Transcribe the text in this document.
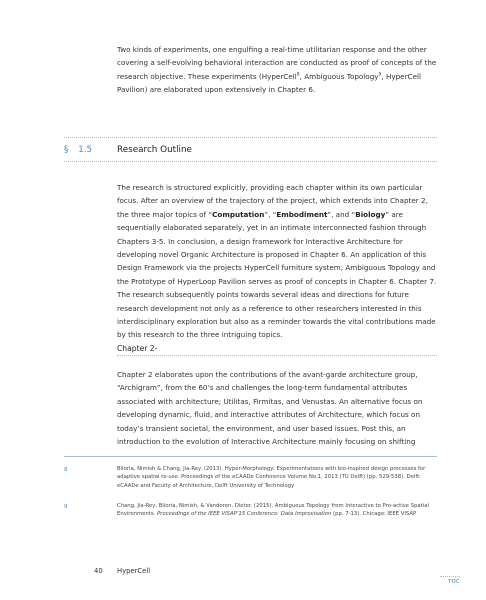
Two kinds of experiments, one engulfing a real-time utilitarian response and the other covering a self-evolving behavioral interaction are conducted as proof of concepts of the research objective. These experiments (HyperCell$^8$, Ambiguous Topology$^9$, HyperCell Pavilion) are elaborated upon extensively in Chapter 6.
§ 1.5	Research Outline
The research is structured explicitly, providing each chapter within its own particular focus. After an overview of the trajectory of the project, which extends into Chapter 2, the three major topics of “Computation”, “Embodiment”, and “Biology” are sequentially elaborated separately, yet in an intimate interconnected fashion through Chapters 3-5. In conclusion, a design framework for Interactive Architecture for developing novel Organic Architecture is proposed in Chapter 6. An application of this Design Framework via the projects HyperCell furniture system, Ambiguous Topology and the Prototype of HyperLoop Pavilion serves as proof of concepts in Chapter 6. Chapter 7. The research subsequently points towards several ideas and directions for future research development not only as a reference to other researchers interested in this interdisciplinary exploration but also as a reminder towards the vital contributions made by this research to the three intriguing topics.
Chapter 2-
Chapter 2 elaborates upon the contributions of the avant-garde architecture group, “Archigram”, from the 60’s and challenges the long-term fundamental attributes associated with architecture; Utilitas, Firmitas, and Venustas. An alternative focus on developing dynamic, fluid, and interactive attributes of Architecture, which focus on today’s transient societal, the environment, and user based issues. Post this, an introduction to the evolution of Interactive Architecture mainly focusing on shifting
8	Biloria, Nimish & Chang, Jia-Rey. (2013). Hyper-Morphology: Experimentations with bio-inspired design processes for adaptive spatial re-use. Proceedings of the eCAADe Conference Volume No.1, 2013 (TU Delft) (pp. 529-538). Delft: eCAADe and Faculty of Architecture, Delft University of Technology
9	Chang, Jia-Rey, Biloria, Nimish, & Vandoren, Dieter. (2015). Ambiguous Topology from Interactive to Pro-active Spatial Environments. Proceedings of the IEEE VISAP’15 Conference: Data Improvisation (pp. 7-13). Chicago: IEEE VISAP
40 HyperCell
TOC
